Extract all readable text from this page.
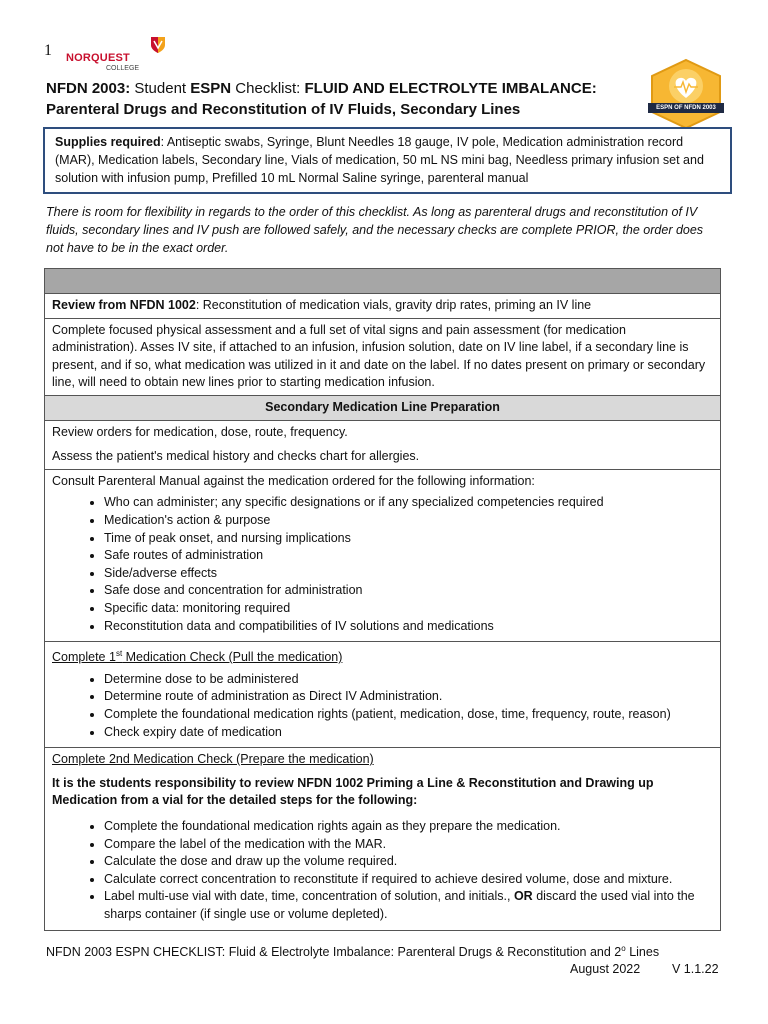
1 NORQUEST
COLLEGE
NFDN 2003: Student ESPN Checklist: FLUID AND ELECTROLYTE IMBALANCE:
Parenteral Drugs and Reconstitution of IV Fluids, Secondary Lines	ESPN OF NFDN 2003
Supplies required: Antiseptic swabs, Syringe, Blunt Needles 18 gauge, IV pole, Medication administration record (MAR), Medication labels, Secondary line, Vials of medication, 50 mL NS mini bag, Needless primary infusion set and solution with infusion pump, Prefilled 10 mL Normal Saline syringe, parenteral manual
There is room for flexibility in regards to the order of this checklist. As long as parenteral drugs and reconstitution of IV fluids, secondary lines and IV push are followed safely, and the necessary checks are complete PRIOR, the order does not have to be in the exact order.

Review from NFDN 1002: Reconstitution of medication vials, gravity drip rates, priming an IV line
Complete focused physical assessment and a full set of vital signs and pain assessment (for medication administration). Asses IV site, if attached to an infusion, infusion solution, date on IV line label, if a secondary line is present, and if so, what medication was utilized in it and date on the label. If no dates present on primary or secondary line, will need to obtain new lines prior to starting medication infusion.
Secondary Medication Line Preparation

Review orders for medication, dose, route, frequency.

Assess the patient's medical history and checks chart for allergies.

Consult Parenteral Manual against the medication ordered for the following information:

• Who can administer; any specific designations or if any specialized competencies required
• Medication's action & purpose
• Time of peak onset, and nursing implications
• Safe routes of administration
• Side/adverse effects
• Safe dose and concentration for administration
• Specific data: monitoring required
• Reconstitution data and compatibilities of IV solutions and medications

Complete 1st Medication Check (Pull the medication)

• Determine dose to be administered
• Determine route of administration as Direct IV Administration.
• Complete the foundational medication rights (patient, medication, dose, time, frequency, route, reason)
• Check expiry date of medication

Complete 2nd Medication Check (Prepare the medication)

It is the students responsibility to review NFDN 1002 Priming a Line & Reconstitution and Drawing up Medication from a vial for the detailed steps for the following:

• Complete the foundational medication rights again as they prepare the medication.
• Compare the label of the medication with the MAR.
• Calculate the dose and draw up the volume required.
• Calculate correct concentration to reconstitute if required to achieve desired volume, dose and mixture.
• Label multi-use vial with date, time, concentration of solution, and initials., OR discard the used vial into the sharps container (if single use or volume depleted).
NFDN 2003 ESPN CHECKLIST: Fluid & Electrolyte Imbalance: Parenteral Drugs & Reconstitution and 2$^o$ Lines
August 2022	V 1.1.22
